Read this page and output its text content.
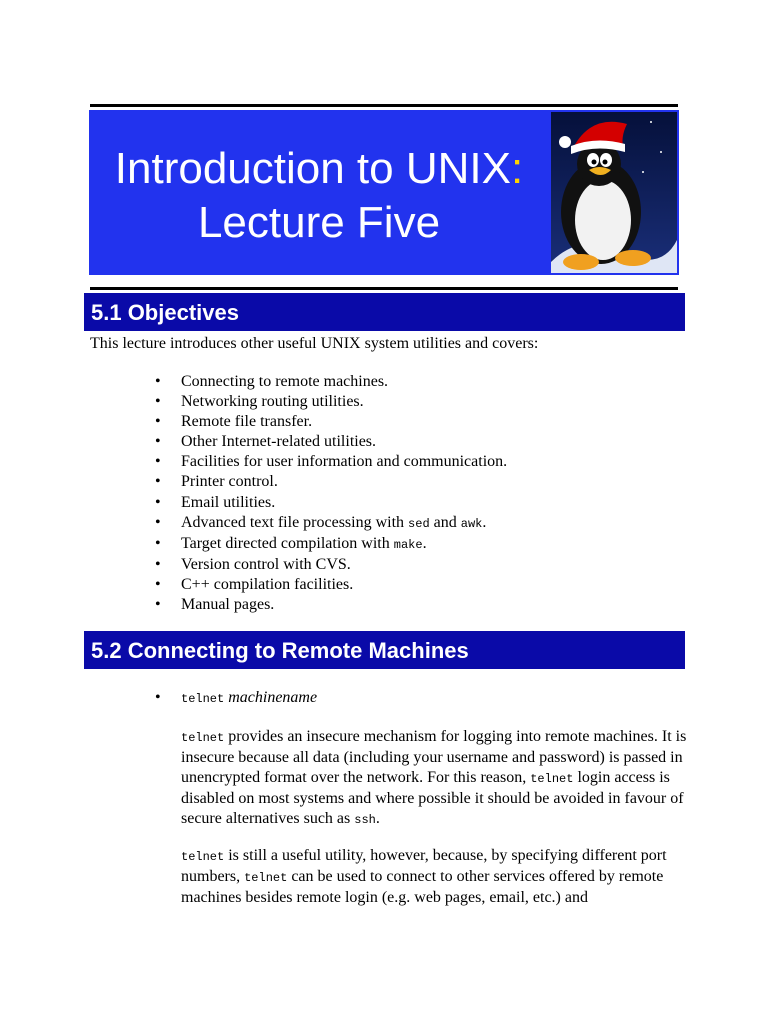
Introduction to UNIX:
Lecture Five
5.1 Objectives
This lecture introduces other useful UNIX system utilities and covers:
• Connecting to remote machines.
• Networking routing utilities.
• Remote file transfer.
• Other Internet-related utilities.
• Facilities for user information and communication.
• Printer control.
• Email utilities.
• Advanced text file processing with sed and awk.
• Target directed compilation with make.
• Version control with CVS.
• C++ compilation facilities.
• Manual pages.
5.2 Connecting to Remote Machines
• telnet machinename
telnet provides an insecure mechanism for logging into remote machines. It is insecure because all data (including your username and password) is passed in unencrypted format over the network. For this reason, telnet login access is disabled on most systems and where possible it should be avoided in favour of secure alternatives such as ssh.
telnet is still a useful utility, however, because, by specifying different port numbers, telnet can be used to connect to other services offered by remote machines besides remote login (e.g. web pages, email, etc.) and
